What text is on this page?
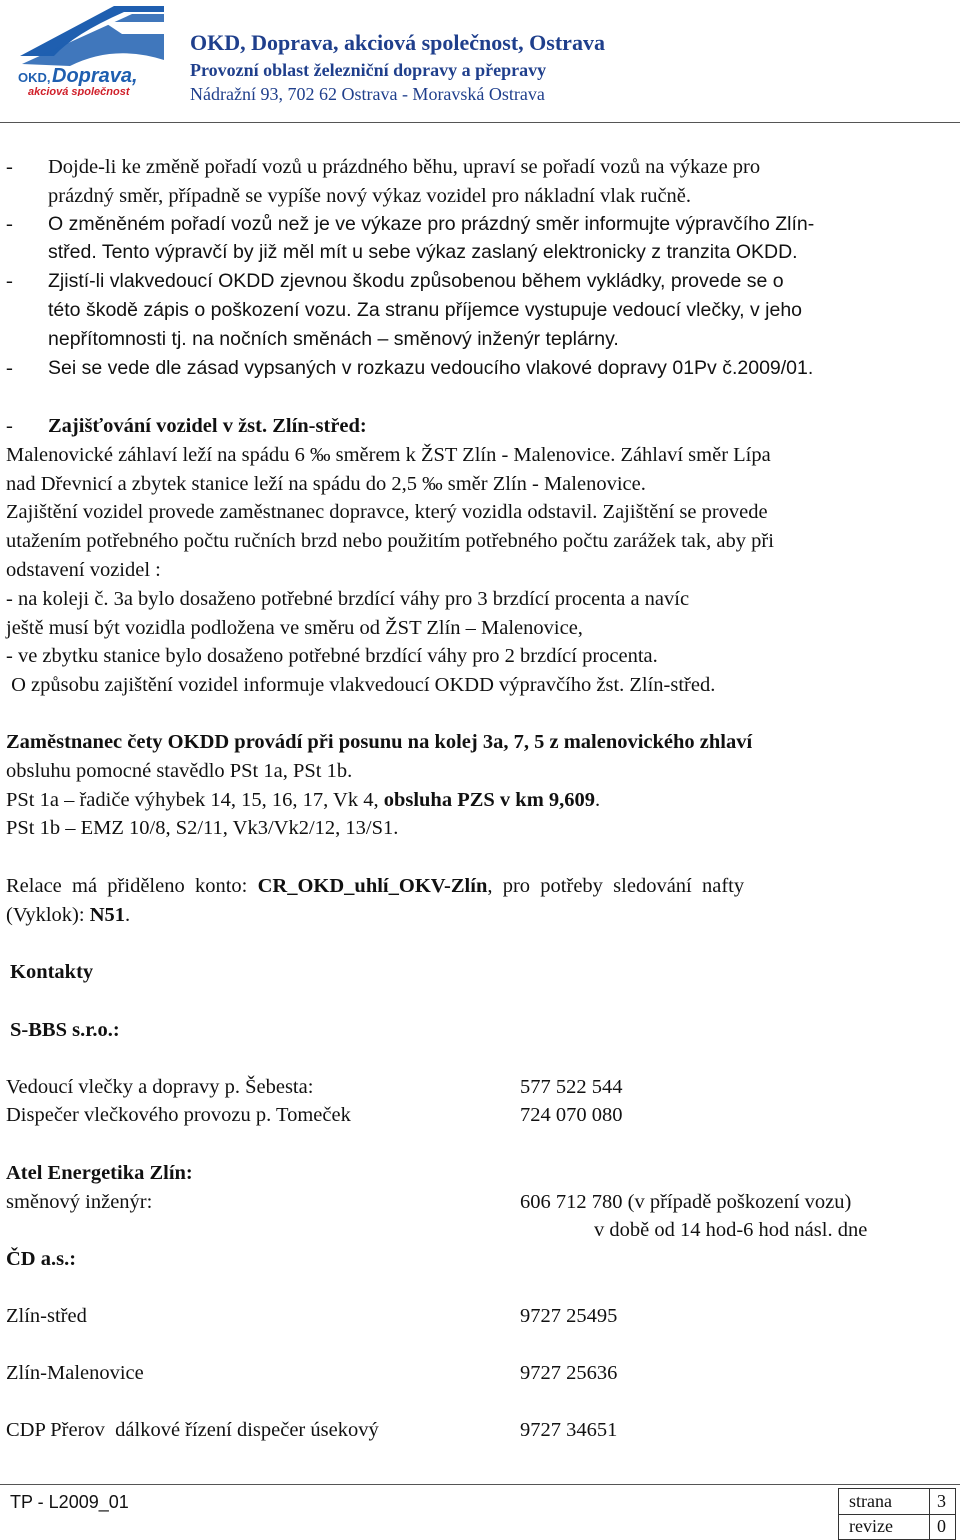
OKD, Doprava,
akciová společnost
OKD, Doprava, akciová společnost, Ostrava
Provozní oblast železniční dopravy a přepravy
Nádražní 93, 702 62 Ostrava - Moravská Ostrava
- Dojde-li ke změně pořadí vozů u prázdného běhu, upraví se pořadí vozů na výkaze pro
prázdný směr, případně se vypíše nový výkaz vozidel pro nákladní vlak ručně.
- O změněném pořadí vozů než je ve výkaze pro prázdný směr informujte výpravčího Zlín-
střed. Tento výpravčí by již měl mít u sebe výkaz zaslaný elektronicky z tranzita OKDD.
- Zjistí-li vlakvedoucí OKDD zjevnou škodu způsobenou během vykládky, provede se o
této škodě zápis o poškození vozu. Za stranu příjemce vystupuje vedoucí vlečky, v jeho
nepřítomnosti tj. na nočních směnách – směnový inženýr teplárny.
- Sei se vede dle zásad vypsaných v rozkazu vedoucího vlakové dopravy 01Pv č.2009/01.
- Zajišťování vozidel v žst. Zlín-střed:
Malenovické záhlaví leží na spádu 6 ‰ směrem k ŽST Zlín - Malenovice. Záhlaví směr Lípa
nad Dřevnicí a zbytek stanice leží na spádu do 2,5 ‰ směr Zlín - Malenovice.
Zajištění vozidel provede zaměstnanec dopravce, který vozidla odstavil. Zajištění se provede
utažením potřebného počtu ručních brzd nebo použitím potřebného počtu zarážek tak, aby při
odstavení vozidel :
- na koleji č. 3a bylo dosaženo potřebné brzdící váhy pro 3 brzdící procenta a navíc
ještě musí být vozidla podložena ve směru od ŽST Zlín – Malenovice,
- ve zbytku stanice bylo dosaženo potřebné brzdící váhy pro 2 brzdící procenta.
O způsobu zajištění vozidel informuje vlakvedoucí OKDD výpravčího žst. Zlín-střed.
Zaměstnanec čety OKDD provádí při posunu na kolej 3a, 7, 5 z malenovického zhlaví
obsluhu pomocné stavědlo PSt 1a, PSt 1b.
PSt 1a – řadiče výhybek 14, 15, 16, 17, Vk 4, obsluha PZS v km 9,609.
PSt 1b – EMZ 10/8, S2/11, Vk3/Vk2/12, 13/S1.
Relace  má  přiděleno  konto:  CR_OKD_uhlí_OKV-Zlín,  pro  potřeby  sledování  nafty
(Vyklok): N51.
Kontakty
S-BBS s.r.o.:
Vedoucí vlečky a dopravy p. Šebesta:	577 522 544
Dispečer vlečkového provozu p. Tomeček	724 070 080
Atel Energetika Zlín:
směnový inženýr:	606 712 780 (v případě poškození vozu)
v době od 14 hod-6 hod násl. dne
ČD a.s.:
Zlín-střed	9727 25495
Zlín-Malenovice	9727 25636
CDP Přerov  dálkové řízení dispečer úsekový	9727 34651
TP - L2009_01	strana	3
revize 0
